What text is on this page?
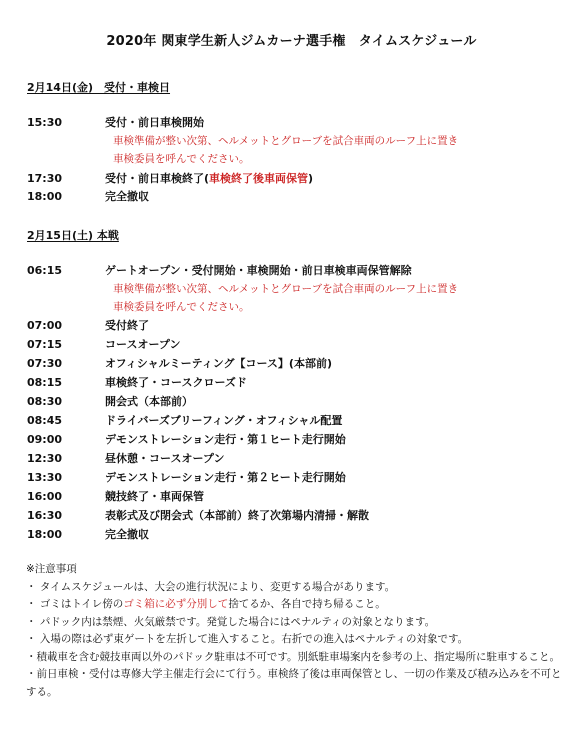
2020年 関東学生新人ジムカーナ選手権　タイムスケジュール
2月14日(金)　受付・車検日
15:30	受付・前日車検開始
車検準備が整い次第、ヘルメットとグローブを試合車両のルーフ上に置き
車検委員を呼んでください。
17:30	受付・前日車検終了(車検終了後車両保管)
18:00	完全撤収
2月15日(土) 本戦
06:15	ゲートオープン・受付開始・車検開始・前日車検車両保管解除
車検準備が整い次第、ヘルメットとグローブを試合車両のルーフ上に置き
車検委員を呼んでください。
07:00	受付終了
07:15	コースオープン
07:30	オフィシャルミーティング【コース】(本部前)
08:15	車検終了・コースクローズド
08:30	開会式（本部前）
08:45	ドライバーズブリーフィング・オフィシャル配置
09:00	デモンストレーション走行・第１ヒート走行開始
12:30	昼休憩・コースオープン
13:30	デモンストレーション走行・第２ヒート走行開始
16:00	競技終了・車両保管
16:30	表彰式及び閉会式（本部前）終了次第場内清掃・解散
18:00	完全撤収
※注意事項
・ タイムスケジュールは、大会の進行状況により、変更する場合があります。
・ ゴミはトイレ傍のゴミ箱に必ず分別して捨てるか、各自で持ち帰ること。
・ パドック内は禁煙、火気厳禁です。発覚した場合にはペナルティの対象となります。
・ 入場の際は必ず東ゲートを左折して進入すること。右折での進入はペナルティの対象です。
・積載車を含む競技車両以外のパドック駐車は不可です。別紙駐車場案内を参考の上、指定場所に駐車すること。
・前日車検・受付は専修大学主催走行会にて行う。車検終了後は車両保管とし、一切の作業及び積み込みを不可とする。
